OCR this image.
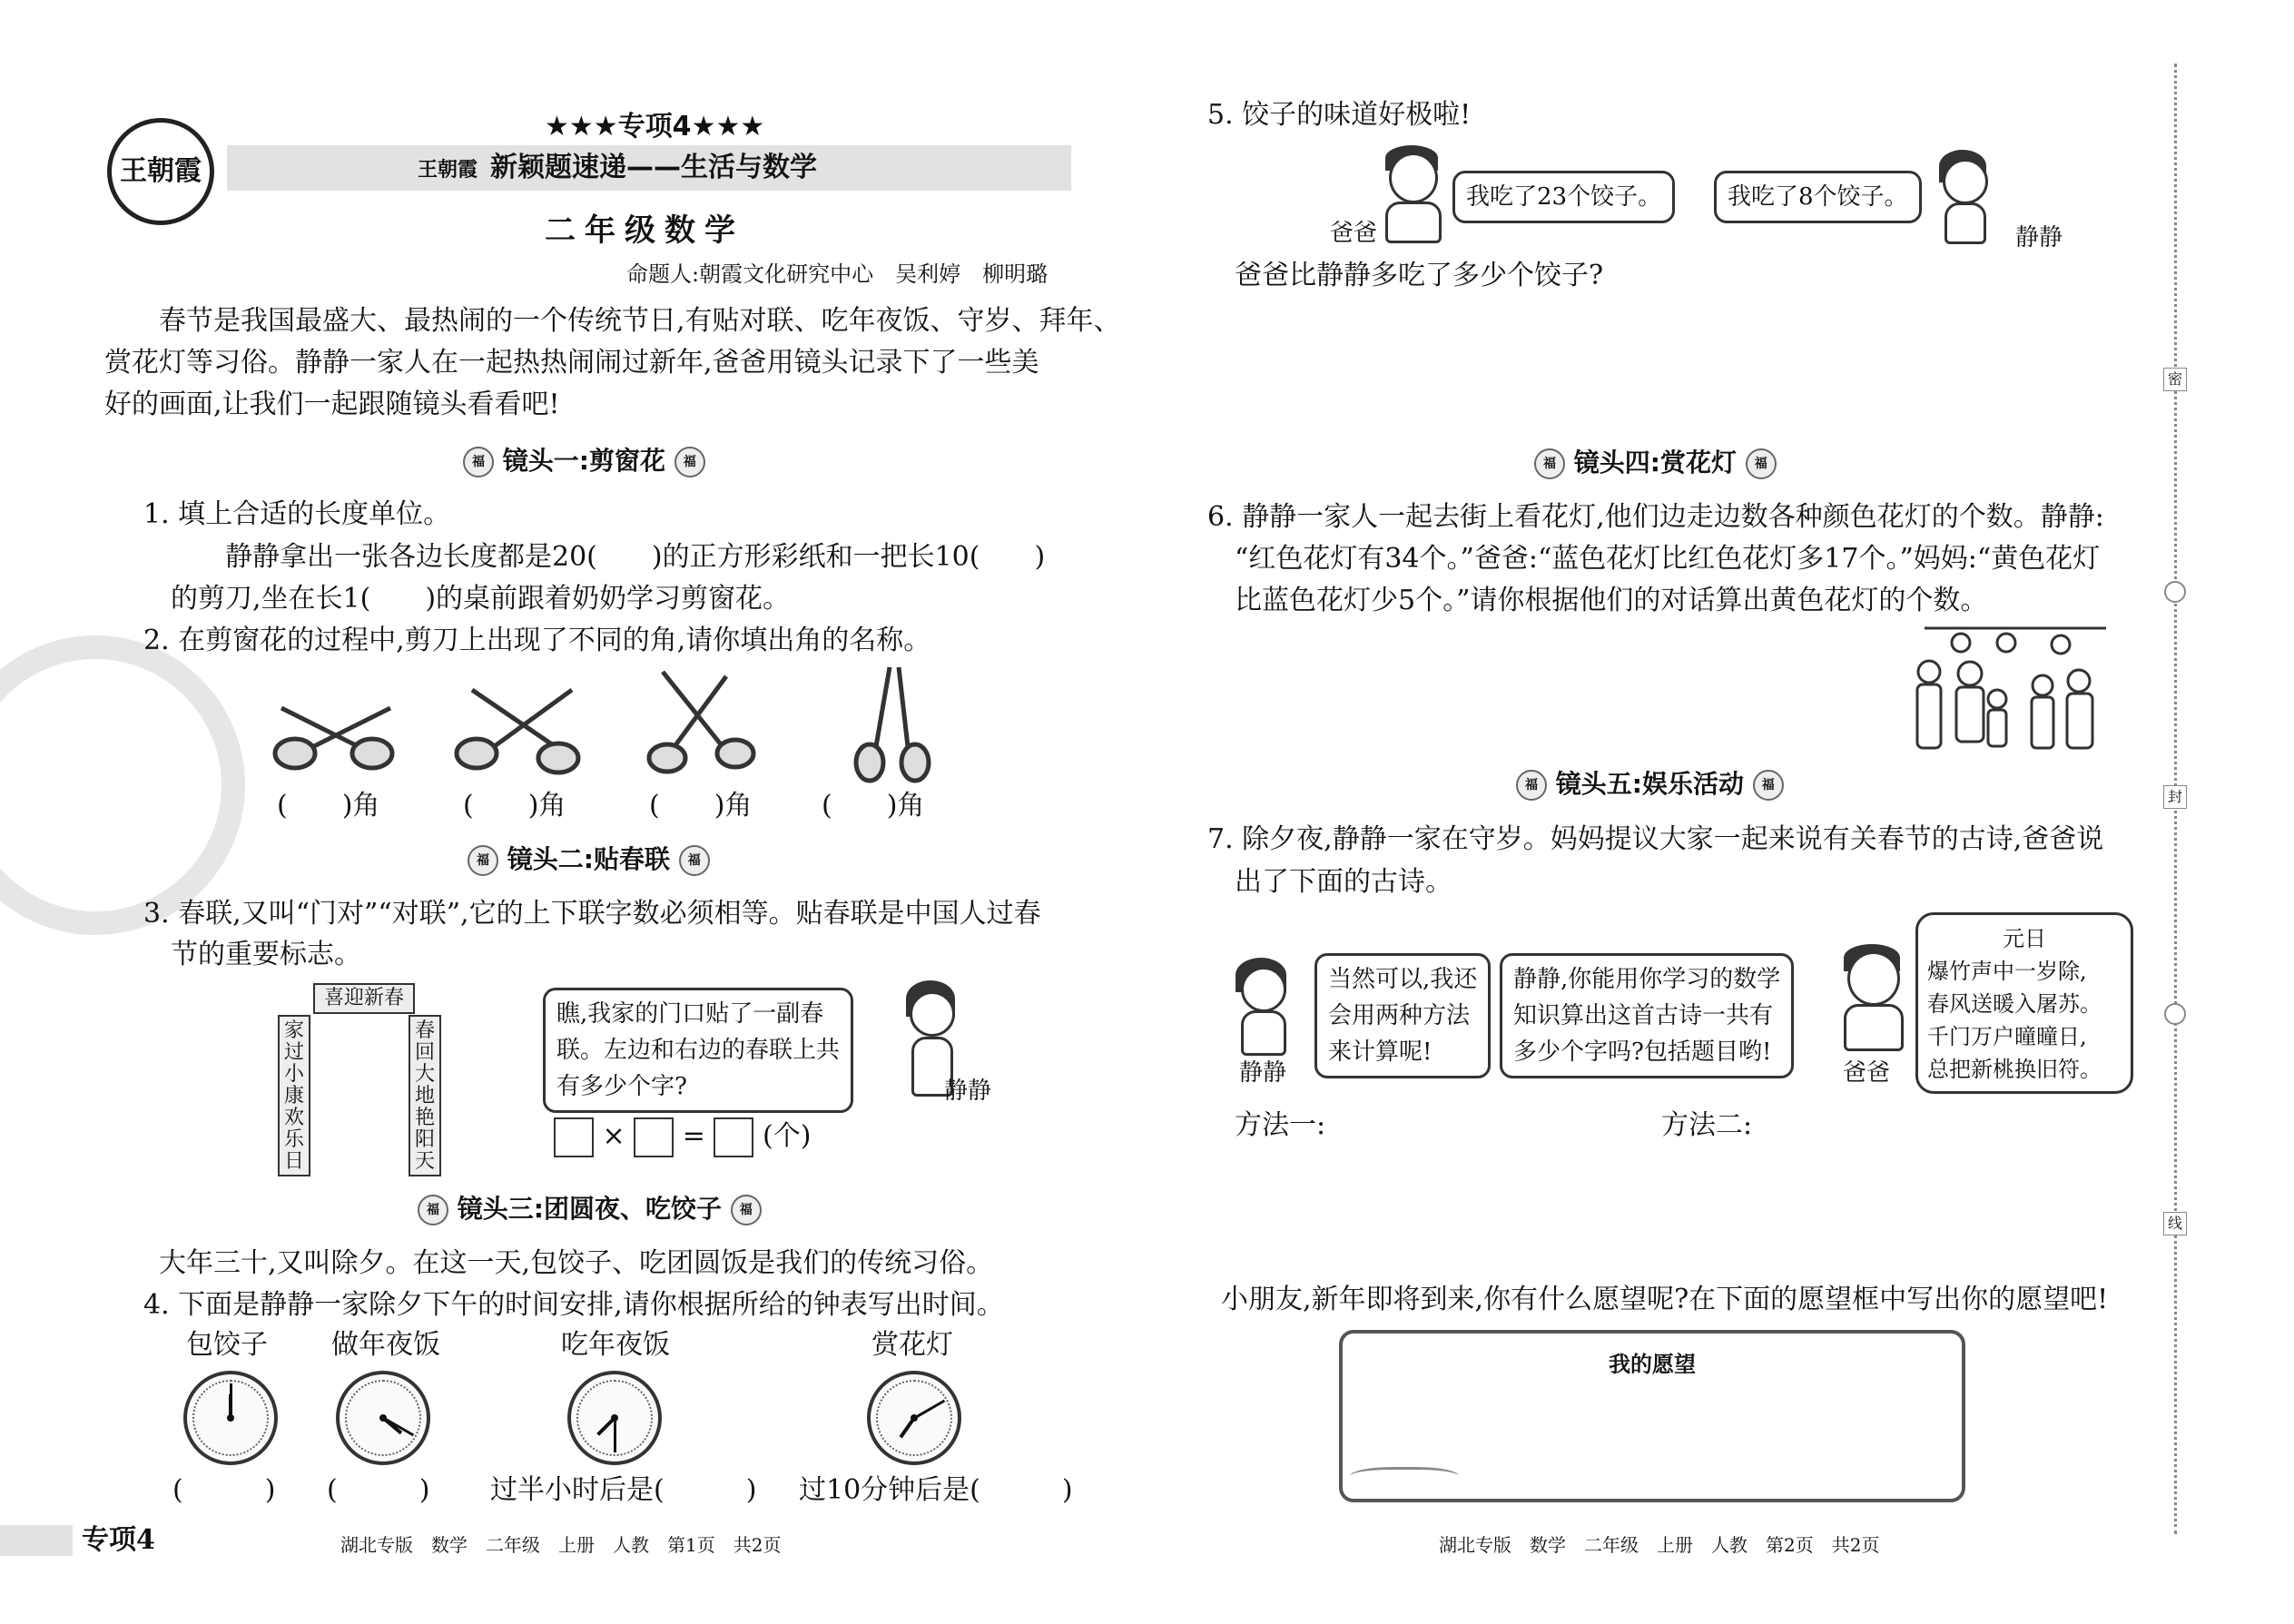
王朝霞
★★★专项4★★★
王朝霞 新颖题速递——生活与数学
二年级数学
命题人:朝霞文化研究中心　吴利婷　柳明璐
春节是我国最盛大、最热闹的一个传统节日,有贴对联、吃年夜饭、守岁、拜年、
赏花灯等习俗。静静一家人在一起热热闹闹过新年,爸爸用镜头记录下了一些美
好的画面,让我们一起跟随镜头看看吧!
福 镜头一:剪窗花 福
1. 填上合适的长度单位。
静静拿出一张各边长度都是20(　　)的正方形彩纸和一把长10(　　)
的剪刀,坐在长1(　　)的桌前跟着奶奶学习剪窗花。
2. 在剪窗花的过程中,剪刀上出现了不同的角,请你填出角的名称。
(　　)角	(　　)角	(　　)角	(　　)角
福 镜头二:贴春联 福
3. 春联,又叫“门对”“对联”,它的上下联字数必须相等。贴春联是中国人过春
节的重要标志。
喜迎新春
家过小康欢乐日
春回大地艳阳天
瞧,我家的门口贴了一副春
联。左边和右边的春联上共
有多少个字?	静静
× = (个)
福 镜头三:团圆夜、吃饺子 福
大年三十,又叫除夕。在这一天,包饺子、吃团圆饭是我们的传统习俗。
4. 下面是静静一家除夕下午的时间安排,请你根据所给的钟表写出时间。
包饺子 做年夜饭	吃年夜饭	赏花灯
(　　　) (　　　) 过半小时后是(　　　) 过10分钟后是(　　　)
专项4	湖北专版　数学　二年级　上册　人教　第1页　共2页
5. 饺子的味道好极啦!
我吃了23个饺子。
爸爸
我吃了8个饺子。
静静
爸爸比静静多吃了多少个饺子?
福 镜头四:赏花灯 福
6. 静静一家人一起去街上看花灯,他们边走边数各种颜色花灯的个数。静静:
“红色花灯有34个。”爸爸:“蓝色花灯比红色花灯多17个。”妈妈:“黄色花灯
比蓝色花灯少5个。”请你根据他们的对话算出黄色花灯的个数。
福 镜头五:娱乐活动 福
7. 除夕夜,静静一家在守岁。妈妈提议大家一起来说有关春节的古诗,爸爸说
出了下面的古诗。
静静
当然可以,我还
会用两种方法
来计算呢!
静静,你能用你学习的数学
知识算出这首古诗一共有
多少个字吗?包括题目哟!
爸爸
元日
爆竹声中一岁除,
春风送暖入屠苏。
千门万户曈曈日,
总把新桃换旧符。
方法一:	方法二:
小朋友,新年即将到来,你有什么愿望呢?在下面的愿望框中写出你的愿望吧!
我的愿望
湖北专版　数学　二年级　上册　人教　第2页　共2页
密
封
线
